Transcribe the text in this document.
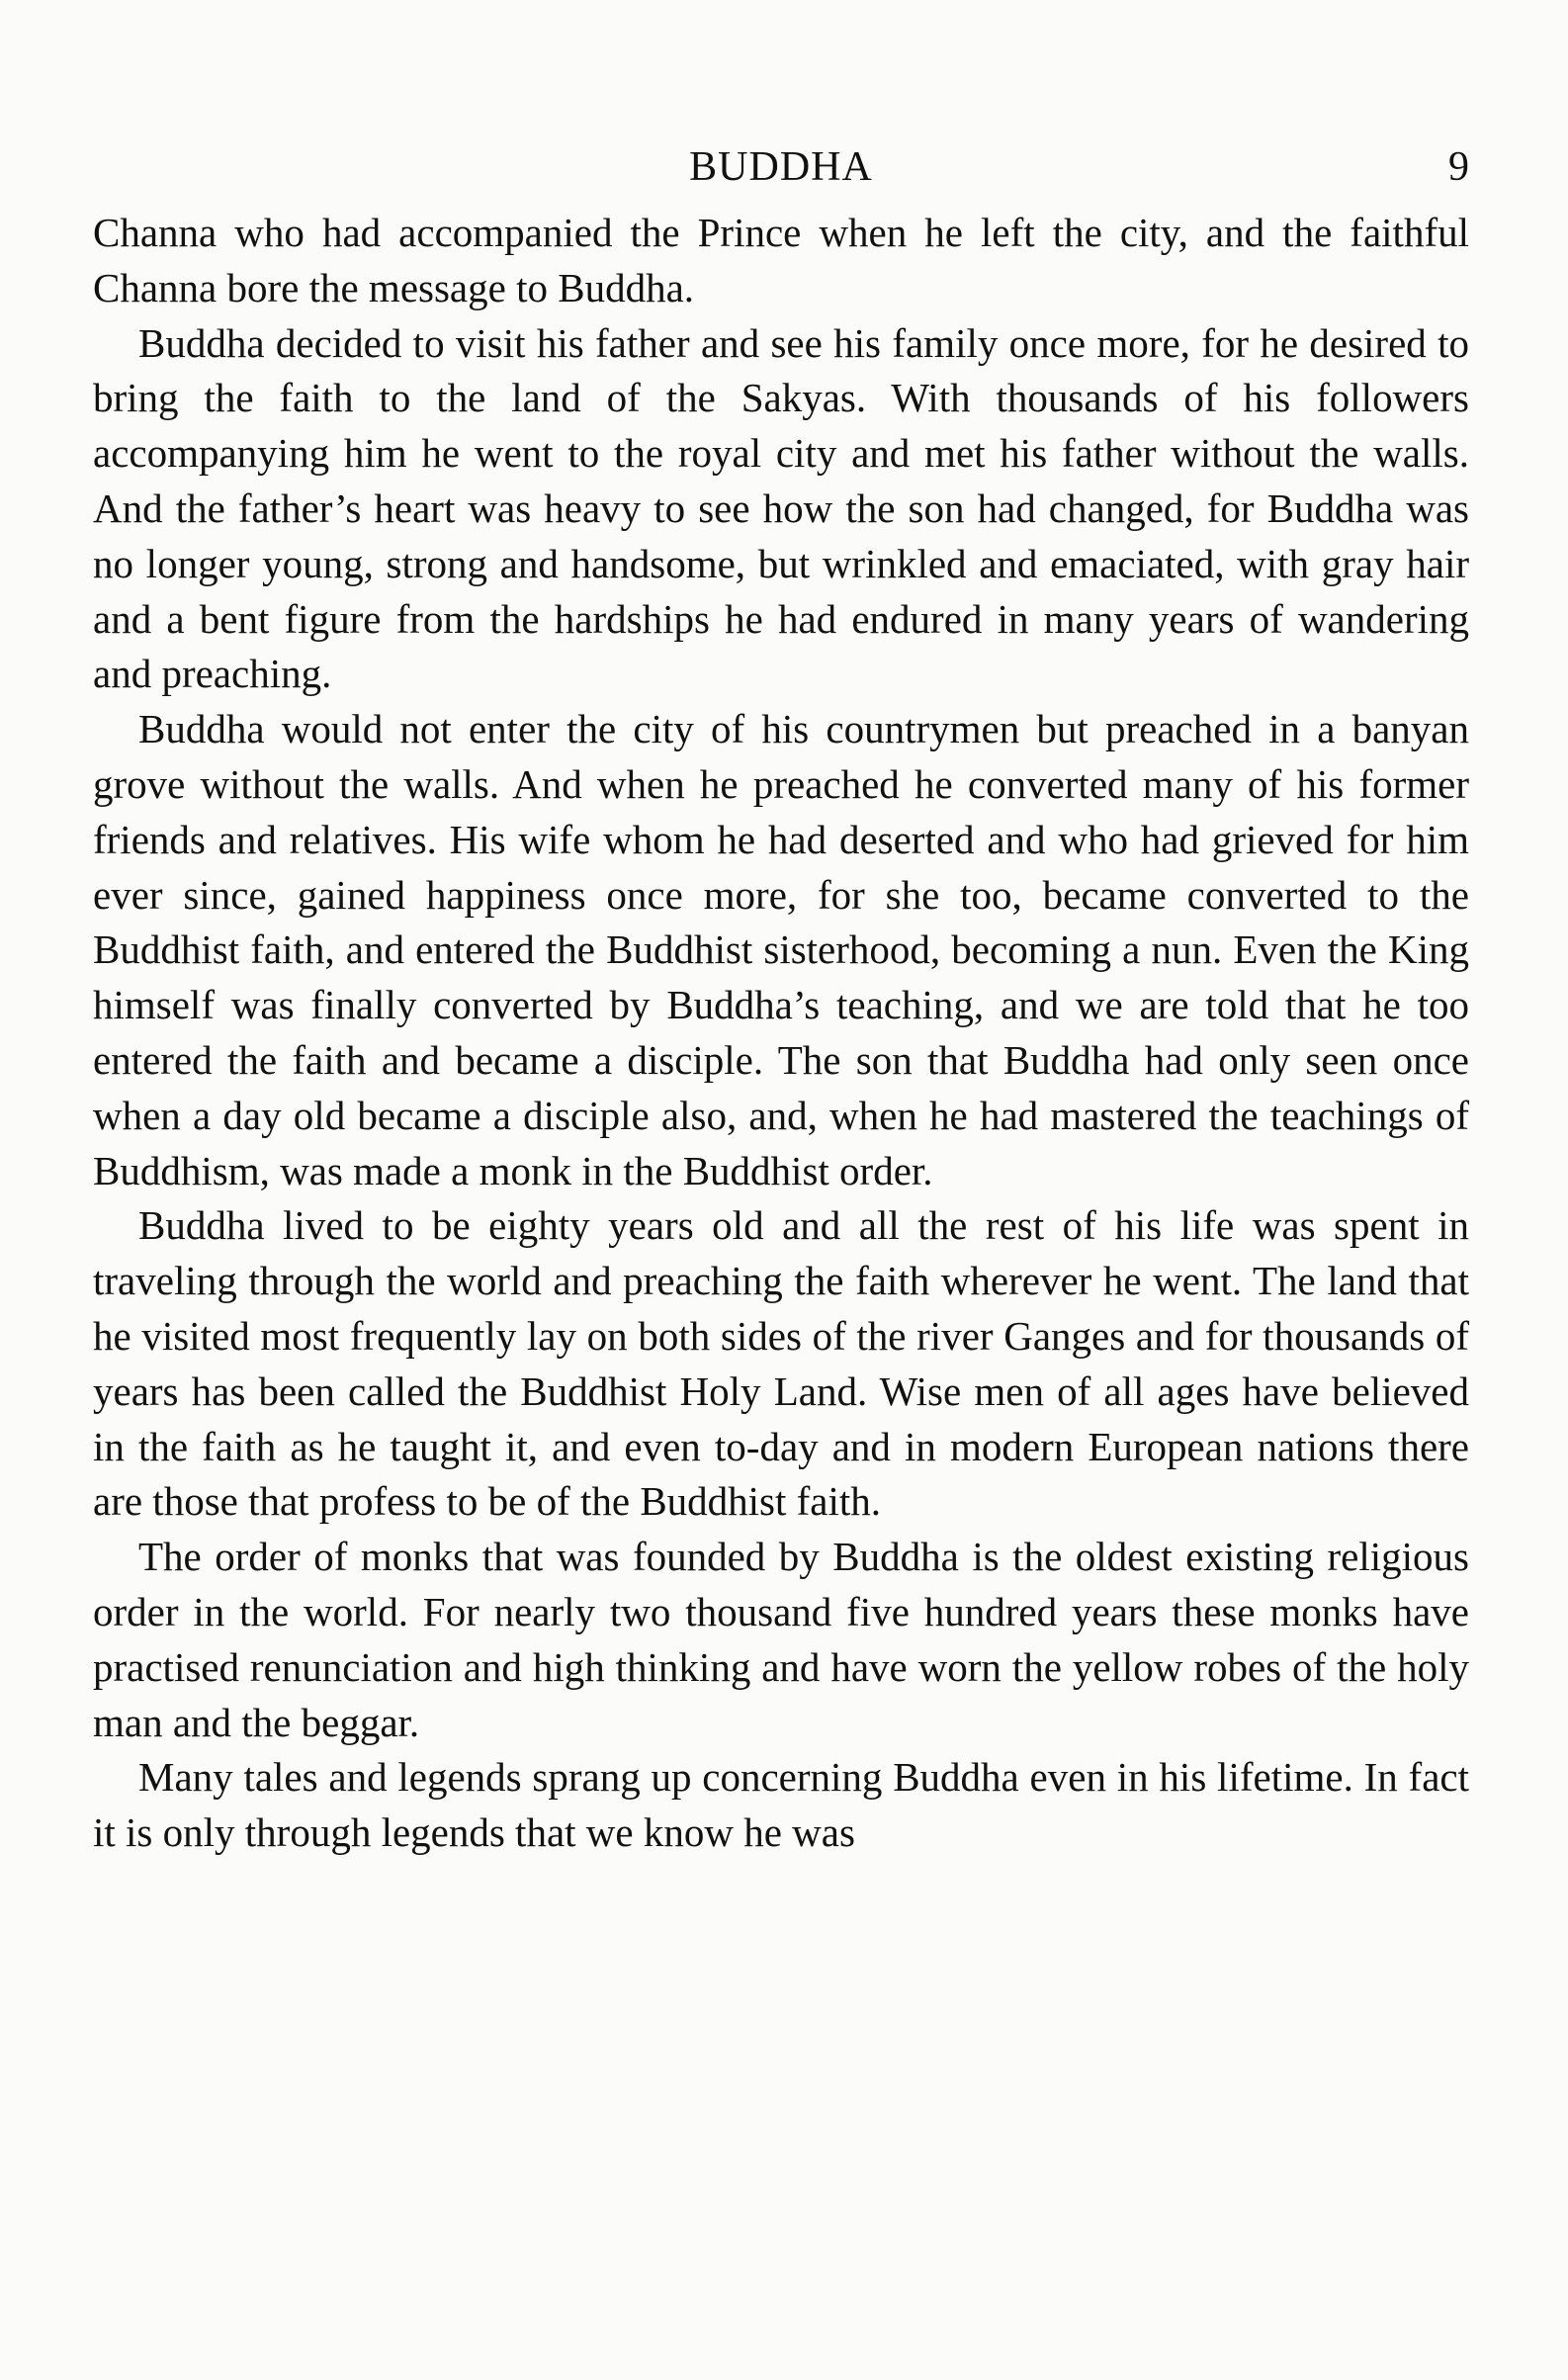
BUDDHA	9

Channa who had accompanied the Prince when he left the city, and the faithful Channa bore the message to Buddha.

Buddha decided to visit his father and see his family once more, for he desired to bring the faith to the land of the Sakyas. With thousands of his followers accompanying him he went to the royal city and met his father without the walls. And the father’s heart was heavy to see how the son had changed, for Buddha was no longer young, strong and handsome, but wrinkled and emaciated, with gray hair and a bent figure from the hardships he had endured in many years of wandering and preaching.

Buddha would not enter the city of his countrymen but preached in a banyan grove without the walls. And when he preached he converted many of his former friends and relatives. His wife whom he had deserted and who had grieved for him ever since, gained happiness once more, for she too, became converted to the Buddhist faith, and entered the Buddhist sisterhood, becoming a nun. Even the King himself was finally converted by Buddha’s teaching, and we are told that he too entered the faith and became a disciple. The son that Buddha had only seen once when a day old became a disciple also, and, when he had mastered the teachings of Buddhism, was made a monk in the Buddhist order.

Buddha lived to be eighty years old and all the rest of his life was spent in traveling through the world and preaching the faith wherever he went. The land that he visited most frequently lay on both sides of the river Ganges and for thousands of years has been called the Buddhist Holy Land. Wise men of all ages have believed in the faith as he taught it, and even to-day and in modern European nations there are those that profess to be of the Buddhist faith.

The order of monks that was founded by Buddha is the oldest existing religious order in the world. For nearly two thousand five hundred years these monks have practised renunciation and high thinking and have worn the yellow robes of the holy man and the beggar.

Many tales and legends sprang up concerning Buddha even in his lifetime. In fact it is only through legends that we know he was
